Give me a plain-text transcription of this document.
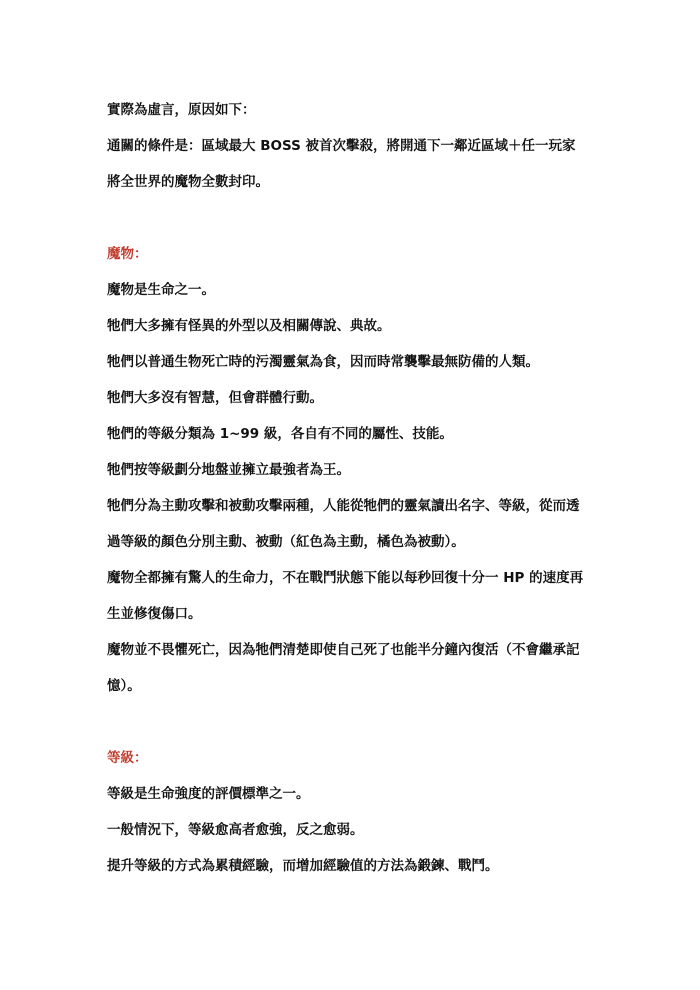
實際為虛言，原因如下：

通關的條件是：區域最大 BOSS 被首次擊殺，將開通下一鄰近區域＋任一玩家

將全世界的魔物全數封印。

魔物：

魔物是生命之一。

牠們大多擁有怪異的外型以及相關傳說、典故。

牠們以普通生物死亡時的污濁靈氣為食，因而時常襲擊最無防備的人類。

牠們大多沒有智慧，但會群體行動。

牠們的等級分類為 1~99 級，各自有不同的屬性、技能。

牠們按等級劃分地盤並擁立最強者為王。

牠們分為主動攻擊和被動攻擊兩種，人能從牠們的靈氣讀出名字、等級，從而透

過等級的顏色分別主動、被動（紅色為主動，橘色為被動）。

魔物全都擁有驚人的生命力，不在戰鬥狀態下能以每秒回復十分一 HP 的速度再

生並修復傷口。

魔物並不畏懼死亡，因為牠們清楚即使自己死了也能半分鐘內復活（不會繼承記

憶）。

等級：

等級是生命強度的評價標準之一。

一般情況下，等級愈高者愈強，反之愈弱。

提升等級的方式為累積經驗，而增加經驗值的方法為鍛鍊、戰鬥。
